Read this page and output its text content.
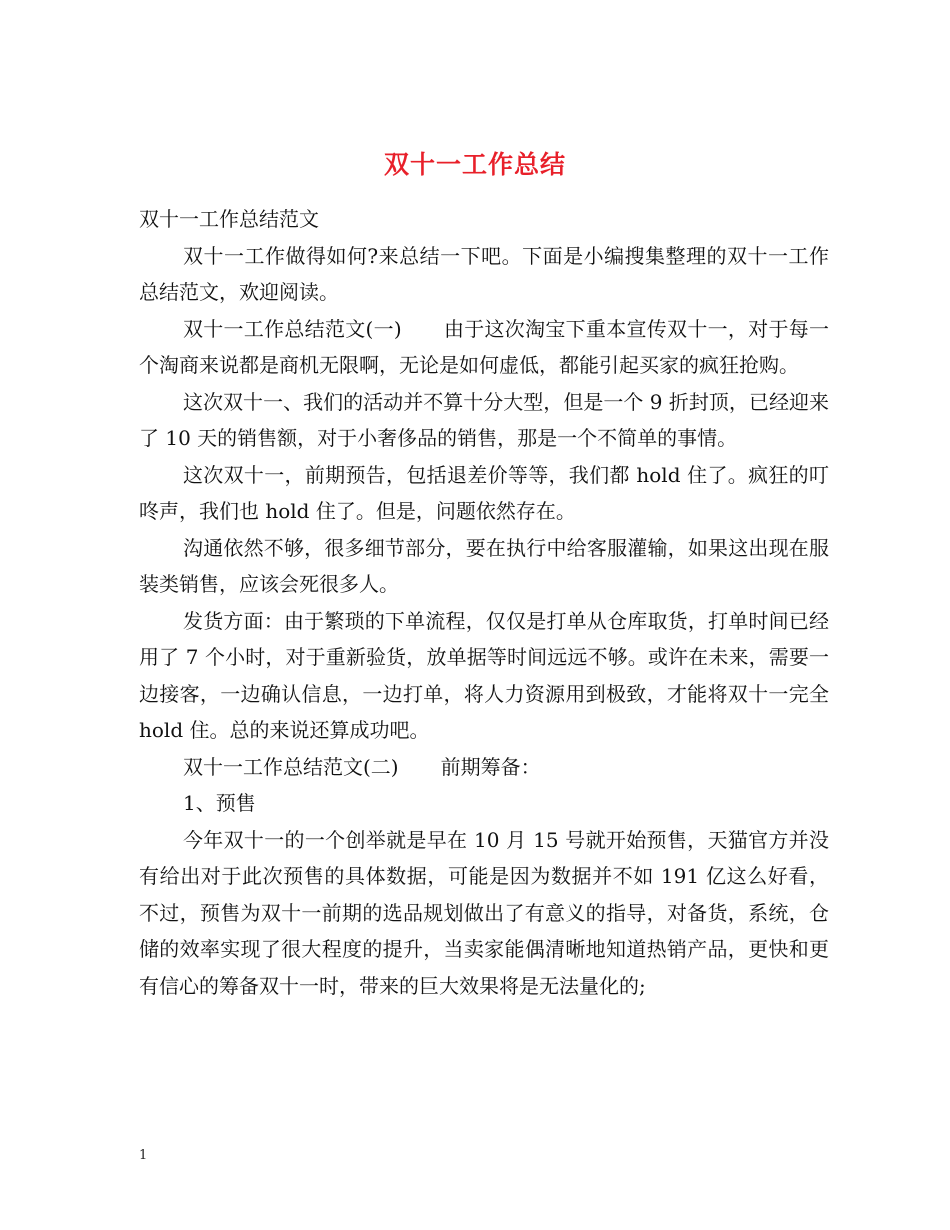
双十一工作总结

双十一工作总结范文

双十一工作做得如何?来总结一下吧。下面是小编搜集整理的双十一工作总结范文，欢迎阅读。

双十一工作总结范文(一) 由于这次淘宝下重本宣传双十一，对于每一个淘商来说都是商机无限啊，无论是如何虚低，都能引起买家的疯狂抢购。

这次双十一、我们的活动并不算十分大型，但是一个 9 折封顶，已经迎来了 10 天的销售额，对于小奢侈品的销售，那是一个不简单的事情。

这次双十一，前期预告，包括退差价等等，我们都 hold 住了。疯狂的叮咚声，我们也 hold 住了。但是，问题依然存在。

沟通依然不够，很多细节部分，要在执行中给客服灌输，如果这出现在服装类销售，应该会死很多人。

发货方面：由于繁琐的下单流程，仅仅是打单从仓库取货，打单时间已经用了 7 个小时，对于重新验货，放单据等时间远远不够。或许在未来，需要一边接客，一边确认信息，一边打单，将人力资源用到极致，才能将双十一完全 hold 住。总的来说还算成功吧。

双十一工作总结范文(二) 前期筹备：

1、预售

今年双十一的一个创举就是早在 10 月 15 号就开始预售，天猫官方并没有给出对于此次预售的具体数据，可能是因为数据并不如 191 亿这么好看，不过，预售为双十一前期的选品规划做出了有意义的指导，对备货，系统，仓储的效率实现了很大程度的提升，当卖家能偶清晰地知道热销产品，更快和更有信心的筹备双十一时，带来的巨大效果将是无法量化的;

1
